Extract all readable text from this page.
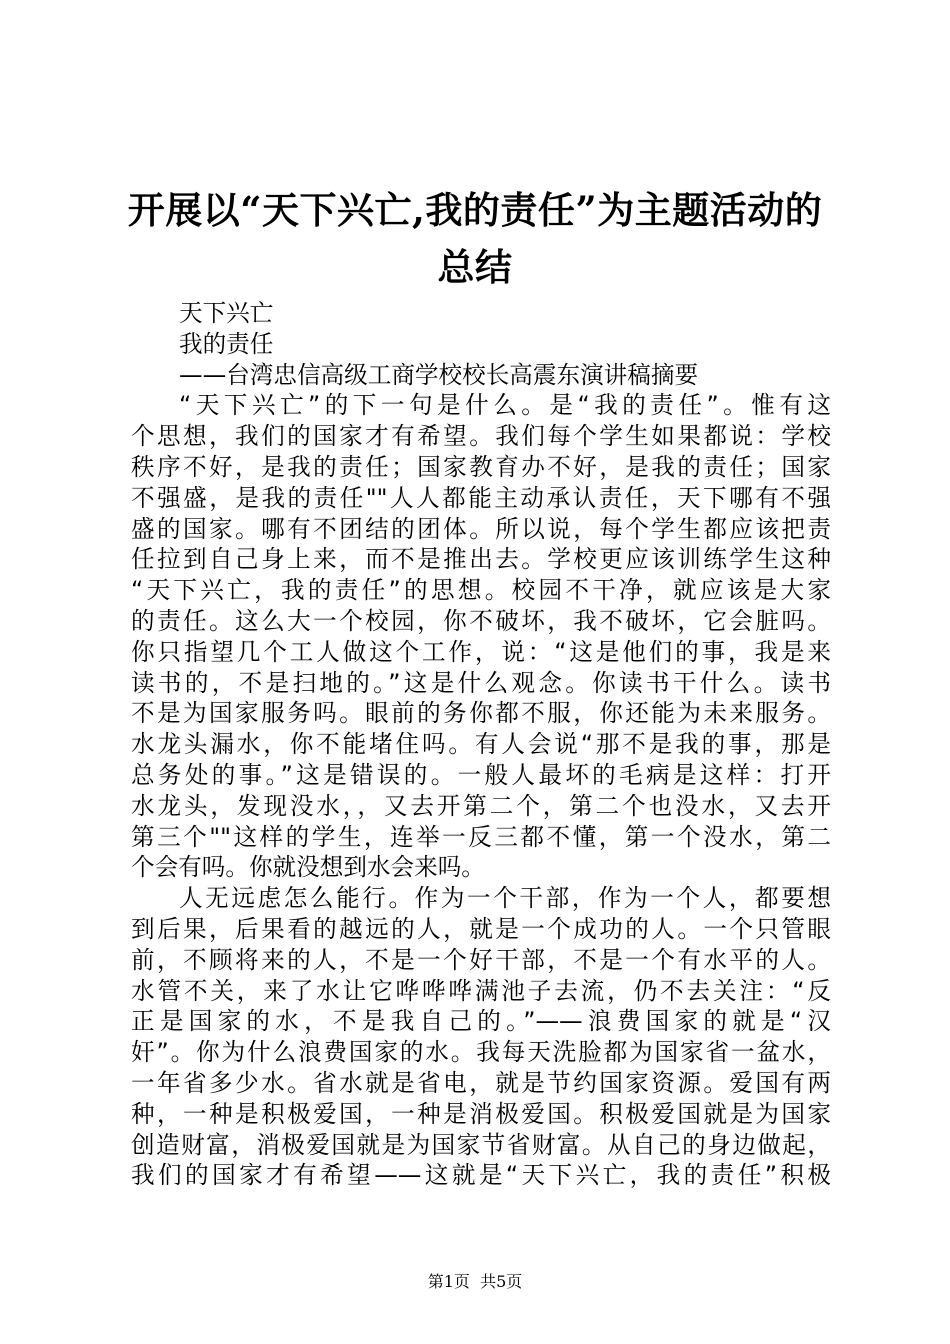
开展以“天下兴亡,我的责任”为主题活动的
总结
天下兴亡
我的责任
——台湾忠信高级工商学校校长高震东演讲稿摘要
“天下兴亡”的下一句是什么。是“我的责任”。惟有这
个思想，我们的国家才有希望。我们每个学生如果都说：学校
秩序不好，是我的责任；国家教育办不好，是我的责任；国家
不强盛，是我的责任""人人都能主动承认责任，天下哪有不强
盛的国家。哪有不团结的团体。所以说，每个学生都应该把责
任拉到自己身上来，而不是推出去。学校更应该训练学生这种
“天下兴亡，我的责任”的思想。校园不干净，就应该是大家
的责任。这么大一个校园，你不破坏，我不破坏，它会脏吗。
你只指望几个工人做这个工作，说：“这是他们的事，我是来
读书的，不是扫地的。”这是什么观念。你读书干什么。读书
不是为国家服务吗。眼前的务你都不服，你还能为未来服务。
水龙头漏水，你不能堵住吗。有人会说“那不是我的事，那是
总务处的事。”这是错误的。一般人最坏的毛病是这样：打开
水龙头，发现没水，，又去开第二个，第二个也没水，又去开
第三个""这样的学生，连举一反三都不懂，第一个没水，第二
个会有吗。你就没想到水会来吗。
人无远虑怎么能行。作为一个干部，作为一个人，都要想
到后果，后果看的越远的人，就是一个成功的人。一个只管眼
前，不顾将来的人，不是一个好干部，不是一个有水平的人。
水管不关，来了水让它哗哗哗满池子去流，仍不去关注：“反
正是国家的水，不是我自己的。”——浪费国家的就是“汉
奸”。你为什么浪费国家的水。我每天洗脸都为国家省一盆水，
一年省多少水。省水就是省电，就是节约国家资源。爱国有两
种，一种是积极爱国，一种是消极爱国。积极爱国就是为国家
创造财富，消极爱国就是为国家节省财富。从自己的身边做起，
我们的国家才有希望——这就是“天下兴亡，我的责任”积极
第1页  共5页
